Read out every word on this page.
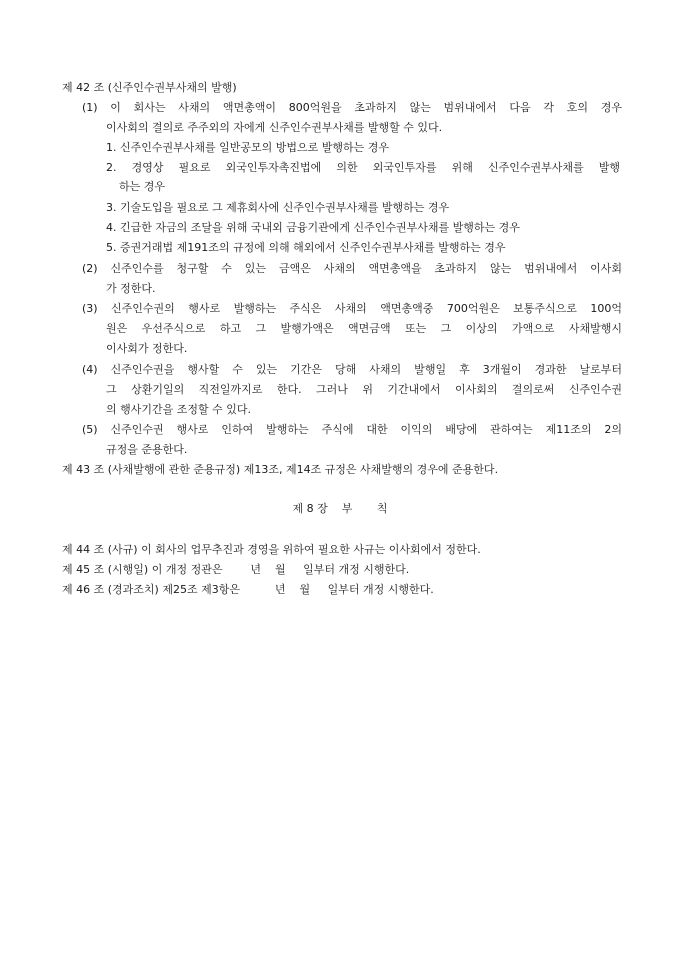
제 42 조 (신주인수권부사채의 발행)
(1) 이 회사는 사채의 액면총액이 800억원을 초과하지 않는 범위내에서 다음 각 호의 경우
이사회의 결의로 주주외의 자에게 신주인수권부사채를 발행할 수 있다.
1. 신주인수권부사채를 일반공모의 방법으로 발행하는 경우
2. 경영상 필요로 외국인투자촉진법에 의한 외국인투자를 위해 신주인수권부사채를 발행
하는 경우
3. 기술도입을 필요로 그 제휴회사에 신주인수권부사채를 발행하는 경우
4. 긴급한 자금의 조달을 위해 국내외 금융기관에게 신주인수권부사채를 발행하는 경우
5. 증권거래법 제191조의 규정에 의해 해외에서 신주인수권부사채를 발행하는 경우
(2) 신주인수를 청구할 수 있는 금액은 사채의 액면총액을 초과하지 않는 범위내에서 이사회
가 정한다.
(3) 신주인수권의 행사로 발행하는 주식은 사채의 액면총액중 700억원은 보통주식으로 100억
원은 우선주식으로 하고 그 발행가액은 액면금액 또는 그 이상의 가액으로 사채발행시
이사회가 정한다.
(4) 신주인수권을 행사할 수 있는 기간은 당해 사채의 발행일 후 3개월이 경과한 날로부터
그 상환기일의 직전일까지로 한다. 그러나 위 기간내에서 이사회의 결의로써 신주인수권
의 행사기간을 조정할 수 있다.
(5) 신주인수권 행사로 인하여 발행하는 주식에 대한 이익의 배당에 관하여는 제11조의 2의
규정을 준용한다.
제 43 조 (사채발행에 관한 준용규정) 제13조, 제14조 규정은 사채발행의 경우에 준용한다.
제 8 장    부       칙
제 44 조 (사규) 이 회사의 업무추진과 경영을 위하여 필요한 사규는 이사회에서 정한다.
제 45 조 (시행일) 이 개정 정관은        년    월     일부터 개정 시행한다.
제 46 조 (경과조치) 제25조 제3항은          년    월     일부터 개정 시행한다.
